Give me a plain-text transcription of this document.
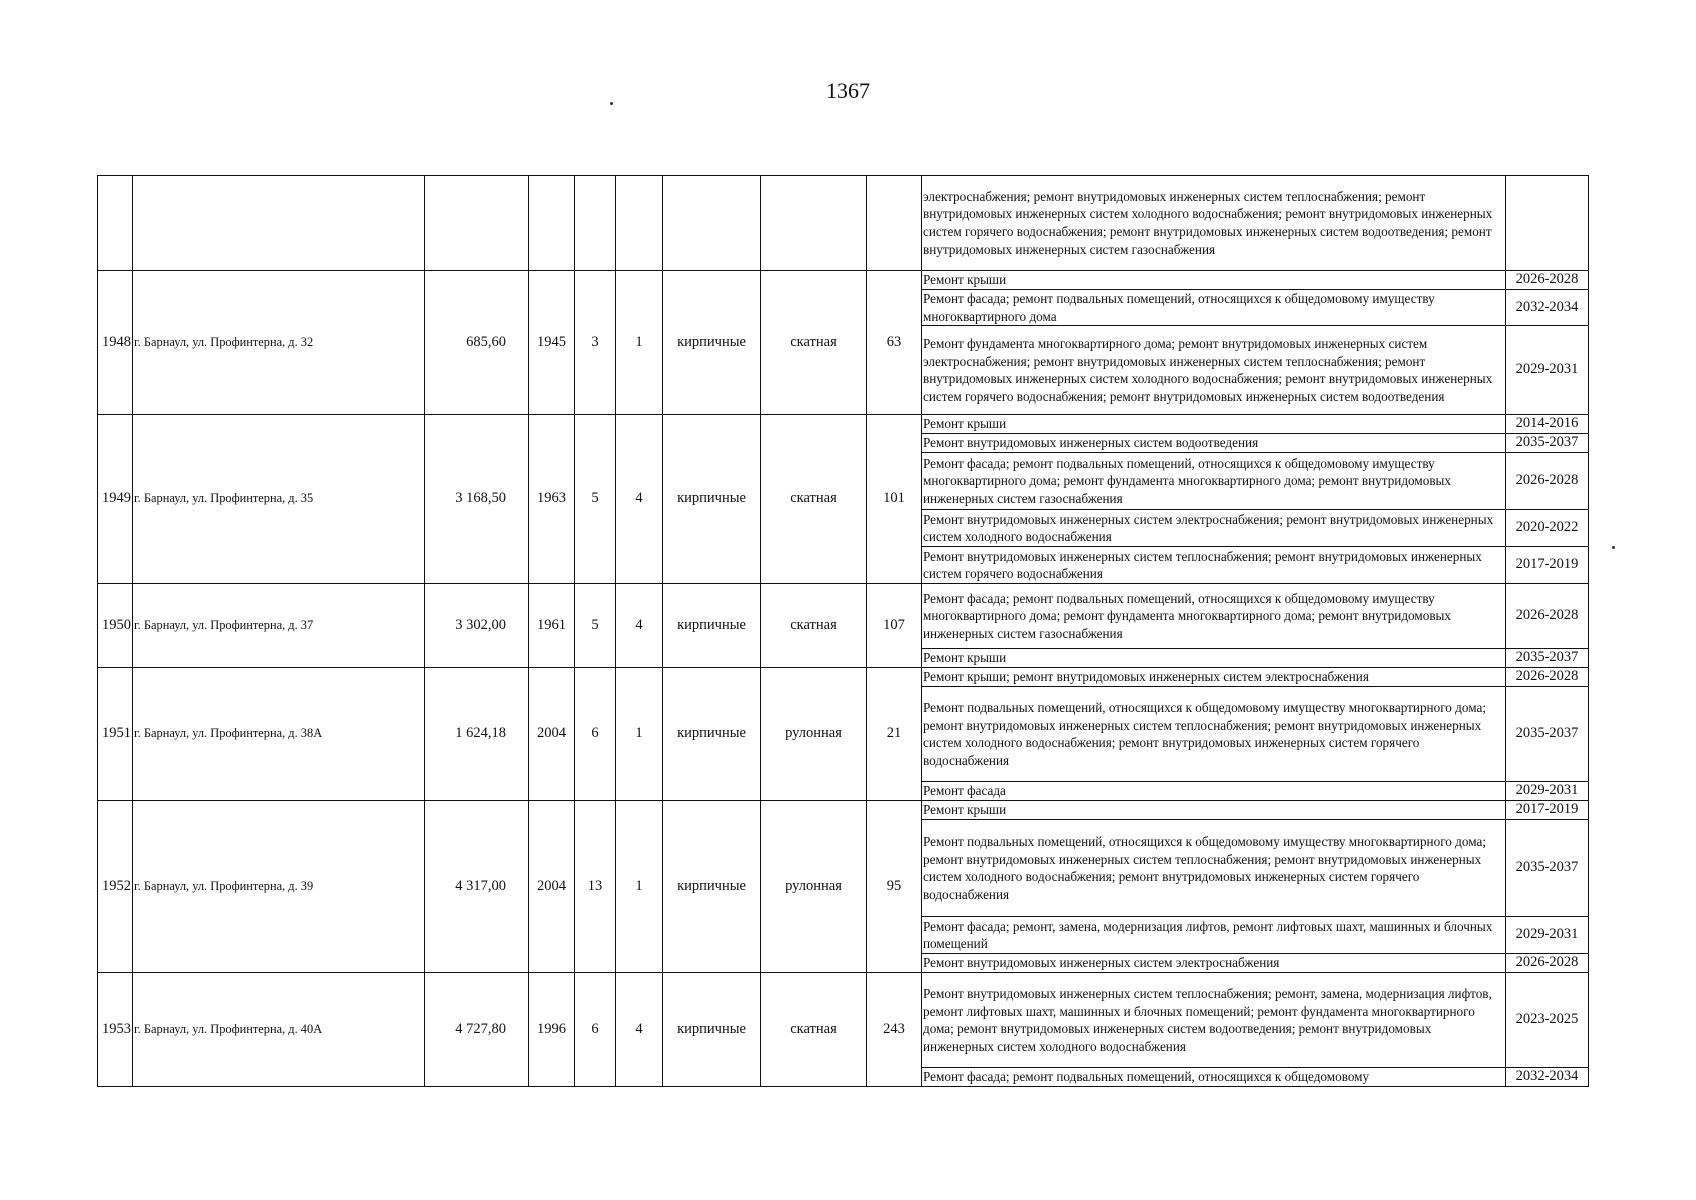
1367
									электроснабжения; ремонт внутридомовых инженерных систем теплоснабжения; ремонт внутридомовых инженерных систем холодного водоснабжения; ремонт внутридомовых инженерных систем горячего водоснабжения; ремонт внутридомовых инженерных систем водоотведения; ремонт внутридомовых инженерных систем газоснабжения	
1948	г. Барнаул, ул. Профинтерна, д. 32	685,60	1945	3	1	кирпичные	скатная	63	Ремонт крыши	2026-2028
									Ремонт фасада; ремонт подвальных помещений, относящихся к общедомовому имуществу многоквартирного дома	2032-2034
									Ремонт фундамента многоквартирного дома; ремонт внутридомовых инженерных систем электроснабжения; ремонт внутридомовых инженерных систем теплоснабжения; ремонт внутридомовых инженерных систем холодного водоснабжения; ремонт внутридомовых инженерных систем горячего водоснабжения; ремонт внутридомовых инженерных систем водоотведения	2029-2031
1949	г. Барнаул, ул. Профинтерна, д. 35	3 168,50	1963	5	4	кирпичные	скатная	101	Ремонт крыши	2014-2016
									Ремонт внутридомовых инженерных систем водоотведения	2035-2037
									Ремонт фасада; ремонт подвальных помещений, относящихся к общедомовому имуществу многоквартирного дома; ремонт фундамента многоквартирного дома; ремонт внутридомовых инженерных систем газоснабжения	2026-2028
									Ремонт внутридомовых инженерных систем электроснабжения; ремонт внутридомовых инженерных систем холодного водоснабжения	2020-2022
									Ремонт внутридомовых инженерных систем теплоснабжения; ремонт внутридомовых инженерных систем горячего водоснабжения	2017-2019
1950	г. Барнаул, ул. Профинтерна, д. 37	3 302,00	1961	5	4	кирпичные	скатная	107	Ремонт фасада; ремонт подвальных помещений, относящихся к общедомовому имуществу многоквартирного дома; ремонт фундамента многоквартирного дома; ремонт внутридомовых инженерных систем газоснабжения	2026-2028
									Ремонт крыши	2035-2037
1951	г. Барнаул, ул. Профинтерна, д. 38А	1 624,18	2004	6	1	кирпичные	рулонная	21	Ремонт крыши; ремонт внутридомовых инженерных систем электроснабжения	2026-2028
									Ремонт подвальных помещений, относящихся к общедомовому имуществу многоквартирного дома; ремонт внутридомовых инженерных систем теплоснабжения; ремонт внутридомовых инженерных систем холодного водоснабжения; ремонт внутридомовых инженерных систем горячего водоснабжения	2035-2037
									Ремонт фасада	2029-2031
1952	г. Барнаул, ул. Профинтерна, д. 39	4 317,00	2004	13	1	кирпичные	рулонная	95	Ремонт крыши	2017-2019
									Ремонт подвальных помещений, относящихся к общедомовому имуществу многоквартирного дома; ремонт внутридомовых инженерных систем теплоснабжения; ремонт внутридомовых инженерных систем холодного водоснабжения; ремонт внутридомовых инженерных систем горячего водоснабжения	2035-2037
									Ремонт фасада; ремонт, замена, модернизация лифтов, ремонт лифтовых шахт, машинных и блочных помещений	2029-2031
									Ремонт внутридомовых инженерных систем электроснабжения	2026-2028
1953	г. Барнаул, ул. Профинтерна, д. 40А	4 727,80	1996	6	4	кирпичные	скатная	243	Ремонт внутридомовых инженерных систем теплоснабжения; ремонт, замена, модернизация лифтов, ремонт лифтовых шахт, машинных и блочных помещений; ремонт фундамента многоквартирного дома; ремонт внутридомовых инженерных систем водоотведения; ремонт внутридомовых инженерных систем холодного водоснабжения	2023-2025
									Ремонт фасада; ремонт подвальных помещений, относящихся к общедомовому	2032-2034
